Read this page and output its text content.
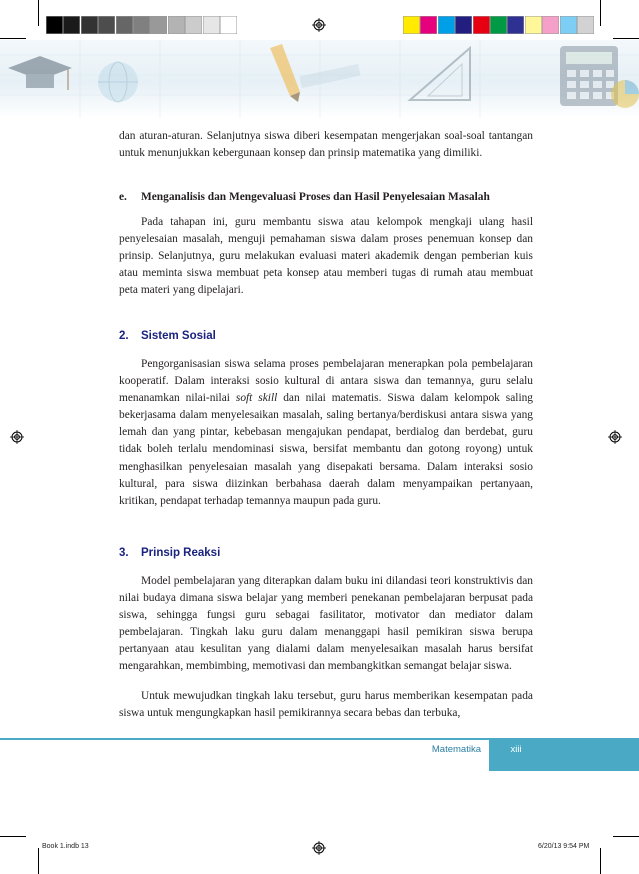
dan aturan-aturan. Selanjutnya siswa diberi kesempatan mengerjakan soal-soal tantangan untuk menunjukkan kebergunaan konsep dan prinsip matematika yang dimiliki.

e. Menganalisis dan Mengevaluasi Proses dan Hasil Penyelesaian Masalah

Pada tahapan ini, guru membantu siswa atau kelompok mengkaji ulang hasil penyelesaian masalah, menguji pemahaman siswa dalam proses penemuan konsep dan prinsip. Selanjutnya, guru melakukan evaluasi materi akademik dengan pemberian kuis atau meminta siswa membuat peta konsep atau memberi tugas di rumah atau membuat peta materi yang dipelajari.

2. Sistem Sosial

Pengorganisasian siswa selama proses pembelajaran menerapkan pola pembelajaran kooperatif. Dalam interaksi sosio kultural di antara siswa dan temannya, guru selalu menanamkan nilai-nilai soft skill dan nilai matematis. Siswa dalam kelompok saling bekerjasama dalam menyelesaikan masalah, saling bertanya/berdiskusi antara siswa yang lemah dan yang pintar, kebebasan mengajukan pendapat, berdialog dan berdebat, guru tidak boleh terlalu mendominasi siswa, bersifat membantu dan gotong royong) untuk menghasilkan penyelesaian masalah yang disepakati bersama. Dalam interaksi sosio kultural, para siswa diizinkan berbahasa daerah dalam menyampaikan pertanyaan, kritikan, pendapat terhadap temannya maupun pada guru.

3. Prinsip Reaksi

Model pembelajaran yang diterapkan dalam buku ini dilandasi teori konstruktivis dan nilai budaya dimana siswa belajar yang memberi penekanan pembelajaran berpusat pada siswa, sehingga fungsi guru sebagai fasilitator, motivator dan mediator dalam pembelajaran. Tingkah laku guru dalam menanggapi hasil pemikiran siswa berupa pertanyaan atau kesulitan yang dialami dalam menyelesaikan masalah harus bersifat mengarahkan, membimbing, memotivasi dan membangkitkan semangat belajar siswa.

Untuk mewujudkan tingkah laku tersebut, guru harus memberikan kesempatan pada siswa untuk mengungkapkan hasil pemikirannya secara bebas dan terbuka,

Matematika	xiii
Book 1.indb 13	6/20/13 9:54 PM
